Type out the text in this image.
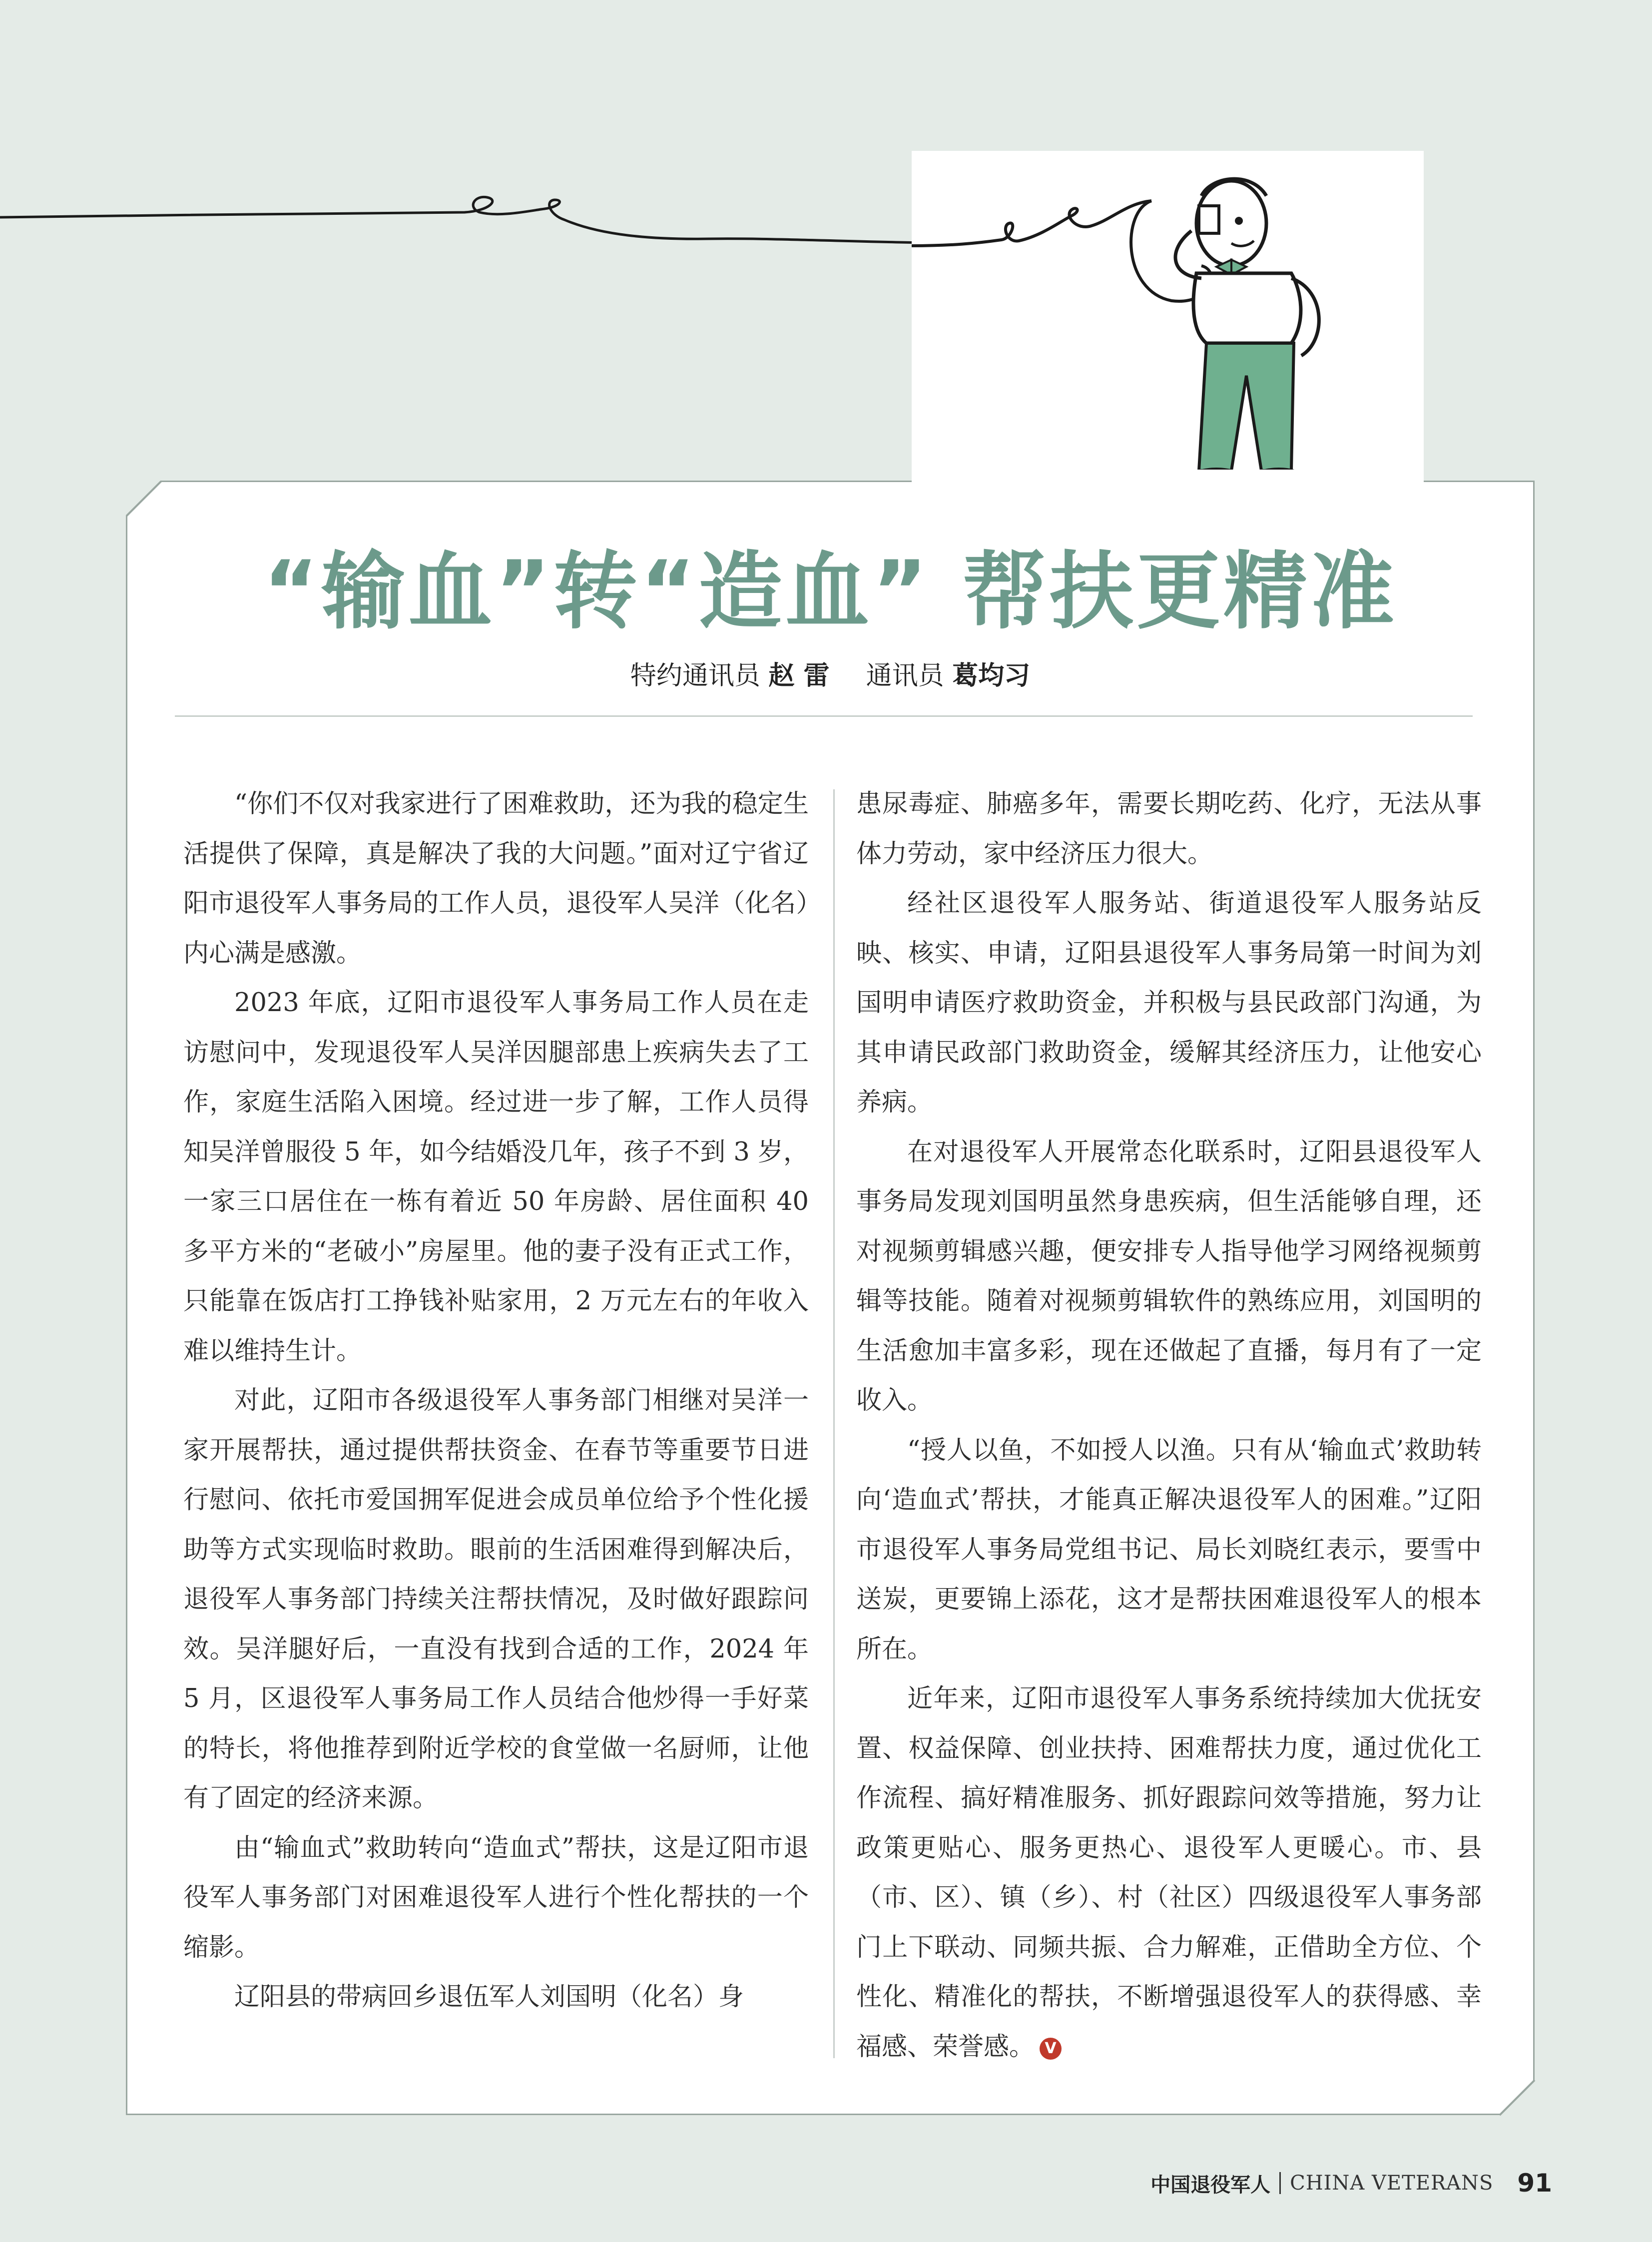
“输血”转“造血” 帮扶更精准
特约通讯员 赵 雷 通讯员 葛均习

“你们不仅对我家进行了困难救助，还为我的稳定生活提供了保障，真是解决了我的大问题。”面对辽宁省辽阳市退役军人事务局的工作人员，退役军人吴洋（化名）内心满是感激。

2023 年底，辽阳市退役军人事务局工作人员在走访慰问中，发现退役军人吴洋因腿部患上疾病失去了工作，家庭生活陷入困境。经过进一步了解，工作人员得知吴洋曾服役 5 年，如今结婚没几年，孩子不到 3 岁，一家三口居住在一栋有着近 50 年房龄、居住面积 40 多平方米的“老破小”房屋里。他的妻子没有正式工作，只能靠在饭店打工挣钱补贴家用，2 万元左右的年收入难以维持生计。

对此，辽阳市各级退役军人事务部门相继对吴洋一家开展帮扶，通过提供帮扶资金、在春节等重要节日进行慰问、依托市爱国拥军促进会成员单位给予个性化援助等方式实现临时救助。眼前的生活困难得到解决后，退役军人事务部门持续关注帮扶情况，及时做好跟踪问效。吴洋腿好后，一直没有找到合适的工作，2024 年 5 月，区退役军人事务局工作人员结合他炒得一手好菜的特长，将他推荐到附近学校的食堂做一名厨师，让他有了固定的经济来源。

由“输血式”救助转向“造血式”帮扶，这是辽阳市退役军人事务部门对困难退役军人进行个性化帮扶的一个缩影。

辽阳县的带病回乡退伍军人刘国明（化名）身

患尿毒症、肺癌多年，需要长期吃药、化疗，无法从事体力劳动，家中经济压力很大。

经社区退役军人服务站、街道退役军人服务站反映、核实、申请，辽阳县退役军人事务局第一时间为刘国明申请医疗救助资金，并积极与县民政部门沟通，为其申请民政部门救助资金，缓解其经济压力，让他安心养病。

在对退役军人开展常态化联系时，辽阳县退役军人事务局发现刘国明虽然身患疾病，但生活能够自理，还对视频剪辑感兴趣，便安排专人指导他学习网络视频剪辑等技能。随着对视频剪辑软件的熟练应用，刘国明的生活愈加丰富多彩，现在还做起了直播，每月有了一定收入。

“授人以鱼，不如授人以渔。只有从‘输血式’救助转向‘造血式’帮扶，才能真正解决退役军人的困难。”辽阳市退役军人事务局党组书记、局长刘晓红表示，要雪中送炭，更要锦上添花，这才是帮扶困难退役军人的根本所在。

近年来，辽阳市退役军人事务系统持续加大优抚安置、权益保障、创业扶持、困难帮扶力度，通过优化工作流程、搞好精准服务、抓好跟踪问效等措施，努力让政策更贴心、服务更热心、退役军人更暖心。市、县（市、区）、镇（乡）、村（社区）四级退役军人事务部门上下联动、同频共振、合力解难，正借助全方位、个性化、精准化的帮扶，不断增强退役军人的获得感、幸福感、荣誉感。 V

中国退役军人 CHINA VETERANS 91
